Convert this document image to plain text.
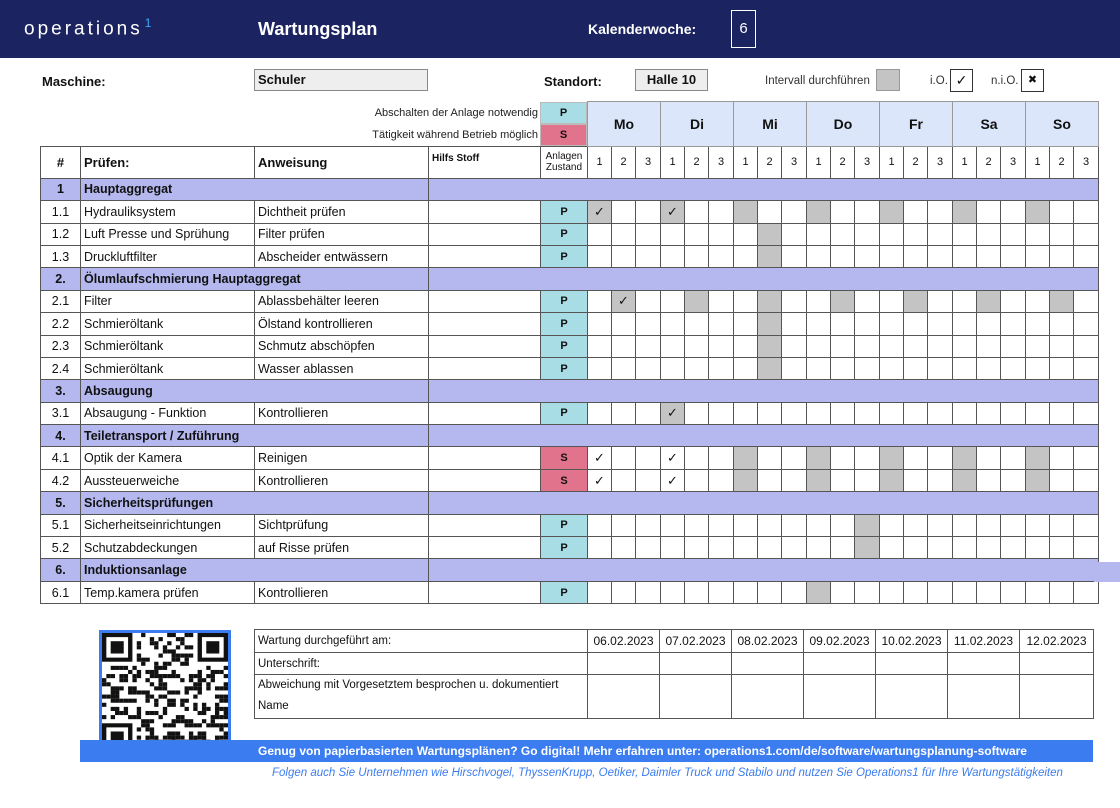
operations $^1$	Wartungsplan	Kalenderwoche:	6
Maschine:	Schuler	Standort:	Halle 10	Intervall durchführen	i.O. ✓	n.i.O. ✖
Abschalten der Anlage notwendig	P
Tätigkeit während Betrieb möglich	S
					Mo			Di			Mi			Do			Fr			Sa			So		

#	Prüfen:	Anweisung	Hilfs Stoff	Anlagen Zustand	1	2	3	1	2	3	1	2	3	1	2	3	1	2	3	1	2	3	1	2	3
1	Hauptaggregat																								
1.1	Hydrauliksystem	Dichtheit prüfen		P	✓			✓																	
1.2	Luft Presse und Sprühung	Filter prüfen		P																					
1.3	Druckluftfilter	Abscheider entwässern		P																					
2.	Ölumlaufschmierung Hauptaggregat																								
2.1	Filter	Ablassbehälter leeren		P		✓																			
2.2	Schmieröltank	Ölstand kontrollieren		P																					
2.3	Schmieröltank	Schmutz abschöpfen		P																					
2.4	Schmieröltank	Wasser ablassen		P																					
3.	Absaugung																								
3.1	Absaugung - Funktion	Kontrollieren		P				✓																	
4.	Teiletransport / Zuführung																								
4.1	Optik der Kamera	Reinigen		S	✓			✓																	
4.2	Aussteuerweiche	Kontrollieren		S	✓			✓																	
5.	Sicherheitsprüfungen																								
5.1	Sicherheitseinrichtungen	Sichtprüfung		P																					
5.2	Schutzabdeckungen	auf Risse prüfen		P																					
6.	Induktionsanlage																								
6.1	Temp.kamera prüfen	Kontrollieren		P																					
Wartung durchgeführt am:	06.02.2023	07.02.2023	08.02.2023	09.02.2023	10.02.2023	11.02.2023	12.02.2023
Unterschrift:							

Abweichung mit Vorgesetztem besprochen u. dokumentiert
Name							

Genug von papierbasierten Wartungsplänen? Go digital! Mehr erfahren unter: operations1.com/de/software/wartungsplanung-software
Folgen auch Sie Unternehmen wie Hirschvogel, ThyssenKrupp, Oetiker, Daimler Truck und Stabilo und nutzen Sie Operations1 für Ihre Wartungstätigkeiten
